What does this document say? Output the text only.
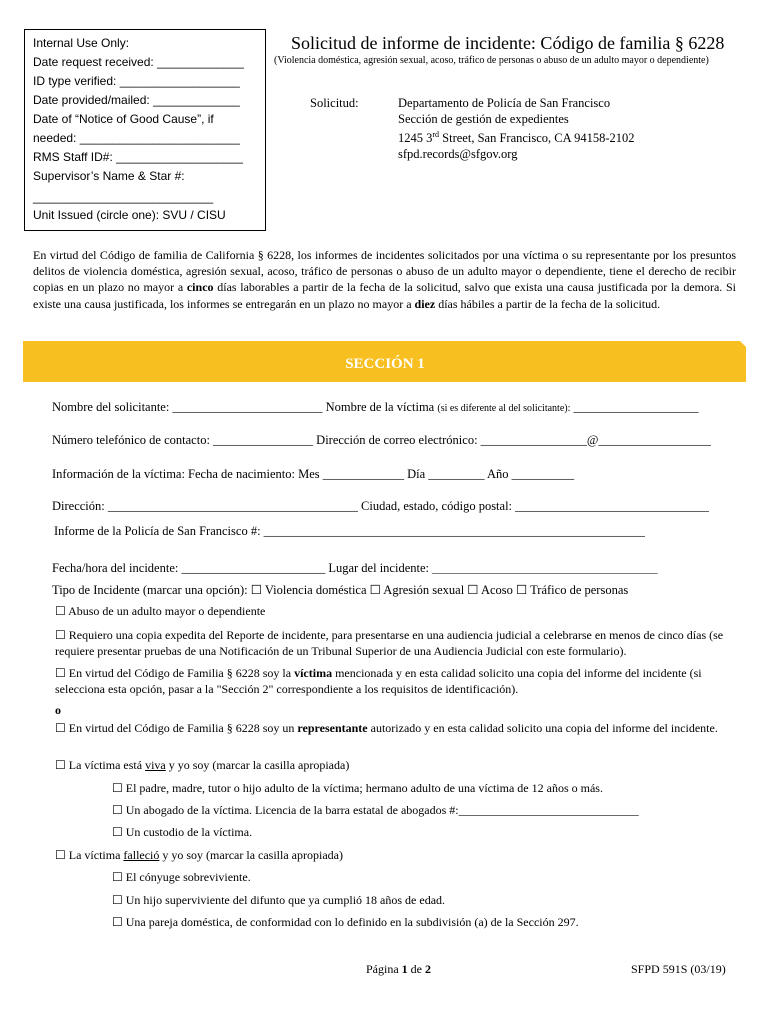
Internal Use Only:
Date request received: _____________
ID type verified: __________________
Date provided/mailed: _____________
Date of “Notice of Good Cause”, if
needed: ________________________
RMS Staff ID#: ___________________
Supervisor’s Name & Star #:
___________________________
Unit Issued (circle one): SVU / CISU
Solicitud de informe de incidente: Código de familia § 6228
(Violencia doméstica, agresión sexual, acoso, tráfico de personas o abuso de un adulto mayor o dependiente)
Solicitud:	Departamento de Policía de San Francisco
Sección de gestión de expedientes
1245 3rd Street, San Francisco, CA 94158-2102
sfpd.records@sfgov.org
En virtud del Código de familia de California § 6228, los informes de incidentes solicitados por una víctima o su representante por los presuntos delitos de violencia doméstica, agresión sexual, acoso, tráfico de personas o abuso de un adulto mayor o dependiente, tiene el derecho de recibir copias en un plazo no mayor a cinco días laborables a partir de la fecha de la solicitud, salvo que exista una causa justificada por la demora. Si existe una causa justificada, los informes se entregarán en un plazo no mayor a diez días hábiles a partir de la fecha de la solicitud.
SECCIÓN 1
Nombre del solicitante: ________________________ Nombre de la víctima (si es diferente al del solicitante): ____________________
Número telefónico de contacto: ________________ Dirección de correo electrónico: _________________@__________________
Información de la víctima: Fecha de nacimiento: Mes _____________ Día _________ Año __________
Dirección: ________________________________________ Ciudad, estado, código postal: _______________________________
Informe de la Policía de San Francisco #: _____________________________________________________________
Fecha/hora del incidente: _______________________ Lugar del incidente: _________________________________________
Tipo de Incidente (marcar una opción): ☐ Violencia doméstica ☐ Agresión sexual ☐ Acoso ☐ Tráfico de personas
☐ Abuso de un adulto mayor o dependiente
☐ Requiero una copia expedita del Reporte de incidente, para presentarse en una audiencia judicial a celebrarse en menos de cinco días (se requiere presentar pruebas de una Notificación de un Tribunal Superior de una Audiencia Judicial con este formulario).
☐ En virtud del Código de Familia § 6228 soy la víctima mencionada y en esta calidad solicito una copia del informe del incidente (si selecciona esta opción, pasar a la "Sección 2" correspondiente a los requisitos de identificación).
o
☐ En virtud del Código de Familia § 6228 soy un representante autorizado y en esta calidad solicito una copia del informe del incidente.
☐ La víctima está viva y yo soy (marcar la casilla apropiada)
☐ El padre, madre, tutor o hijo adulto de la víctima; hermano adulto de una víctima de 12 años o más.
☐ Un abogado de la víctima. Licencia de la barra estatal de abogados #:______________________________
☐ Un custodio de la víctima.
☐ La víctima falleció y yo soy (marcar la casilla apropiada)
☐ El cónyuge sobreviviente.
☐ Un hijo superviviente del difunto que ya cumplió 18 años de edad.
☐ Una pareja doméstica, de conformidad con lo definido en la subdivisión (a) de la Sección 297.
Página 1 de 2	SFPD 591S (03/19)
